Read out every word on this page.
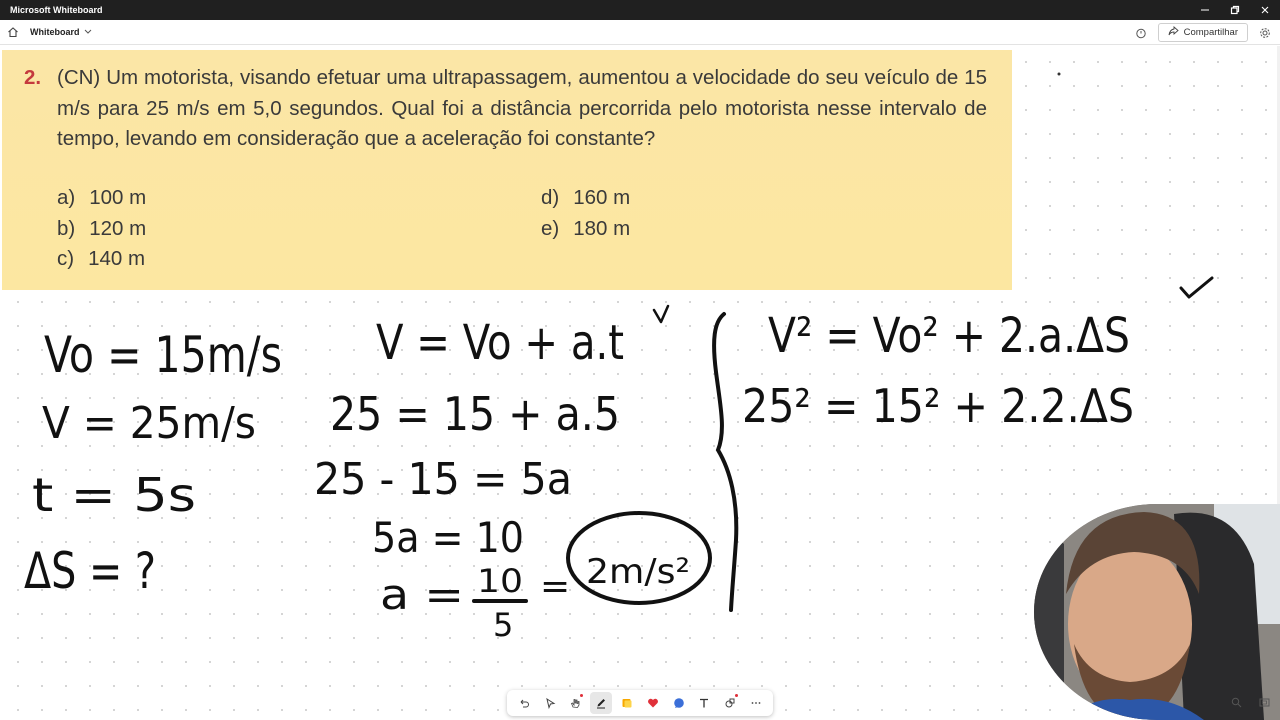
Microsoft Whiteboard
Whiteboard	Compartilhar
2. (CN) Um motorista, visando efetuar uma ultrapassagem, aumentou a velocidade do seu veículo de 15 m/s para 25 m/s em 5,0 segundos. Qual foi a distância percorrida pelo motorista nesse intervalo de tempo, levando em consideração que a aceleração foi constante?

a) 100 m
b) 120 m
c) 140 m
d) 160 m
e) 180 m
Vo = 15m/s
V = 25m/s
t = 5s
ΔS = ?
V = Vo + a.t
25 = 15 + a.5
25 - 15 = 5a
5a = 10
a = 10
5
= 2m/s²
V² = Vo² + 2.a.ΔS
25² = 15² + 2.2.ΔS
